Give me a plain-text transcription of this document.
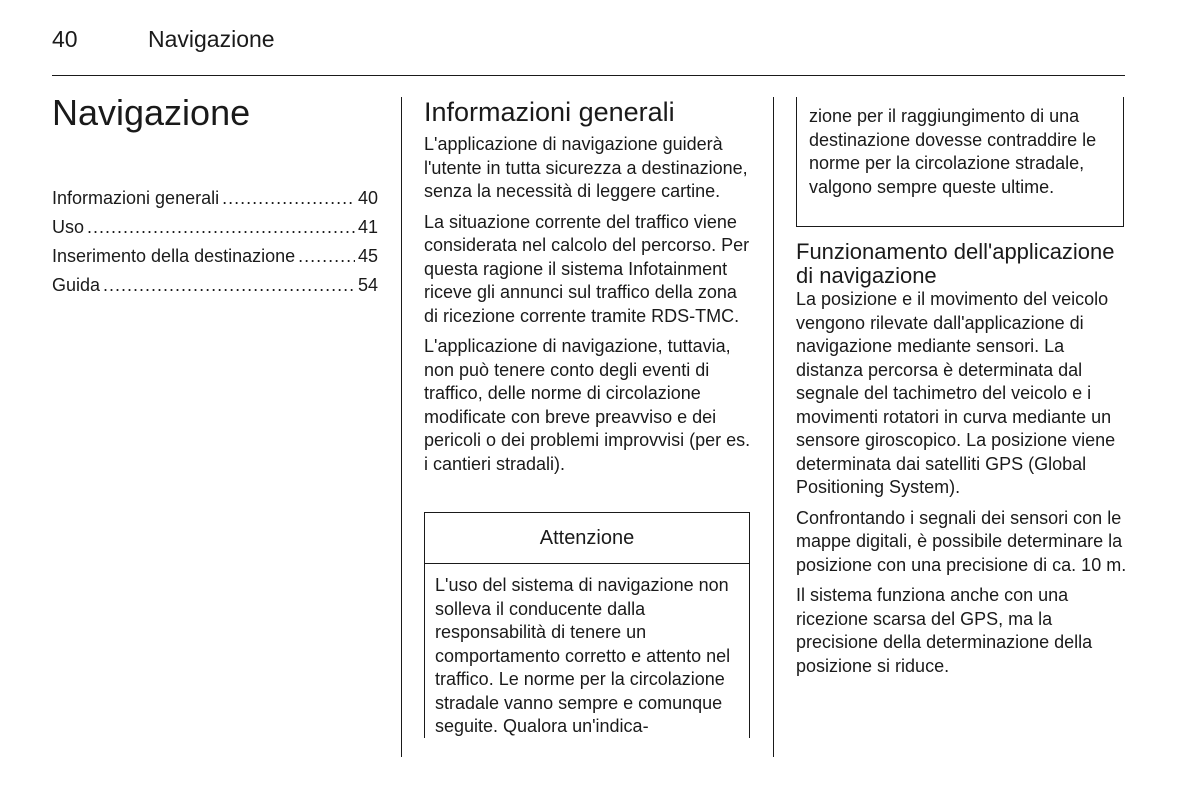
40	Navigazione
Navigazione
Informazioni generali .....	40
Uso .....	41
Inserimento della destinazione .....	45
Guida .....	54
Informazioni generali

L'applicazione di navigazione guiderà l'utente in tutta sicurezza a destinazione, senza la necessità di leggere cartine.

La situazione corrente del traffico viene considerata nel calcolo del percorso. Per questa ragione il sistema Infotainment riceve gli annunci sul traffico della zona di ricezione corrente tramite RDS-TMC.

L'applicazione di navigazione, tuttavia, non può tenere conto degli eventi di traffico, delle norme di circolazione modificate con breve preavviso e dei pericoli o dei problemi improvvisi (per es. i cantieri stradali).

Attenzione
L'uso del sistema di navigazione non solleva il conducente dalla responsabilità di tenere un comportamento corretto e attento nel traffico. Le norme per la circolazione stradale vanno sempre e comunque seguite. Qualora un'indica-
zione per il raggiungimento di una destinazione dovesse contraddire le norme per la circolazione stradale, valgono sempre queste ultime.
Funzionamento dell'applicazione di navigazione

La posizione e il movimento del veicolo vengono rilevate dall'applicazione di navigazione mediante sensori. La distanza percorsa è determinata dal segnale del tachimetro del veicolo e i movimenti rotatori in curva mediante un sensore giroscopico. La posizione viene determinata dai satelliti GPS (Global Positioning System).

Confrontando i segnali dei sensori con le mappe digitali, è possibile determinare la posizione con una precisione di ca. 10 m.

Il sistema funziona anche con una ricezione scarsa del GPS, ma la precisione della determinazione della posizione si riduce.
